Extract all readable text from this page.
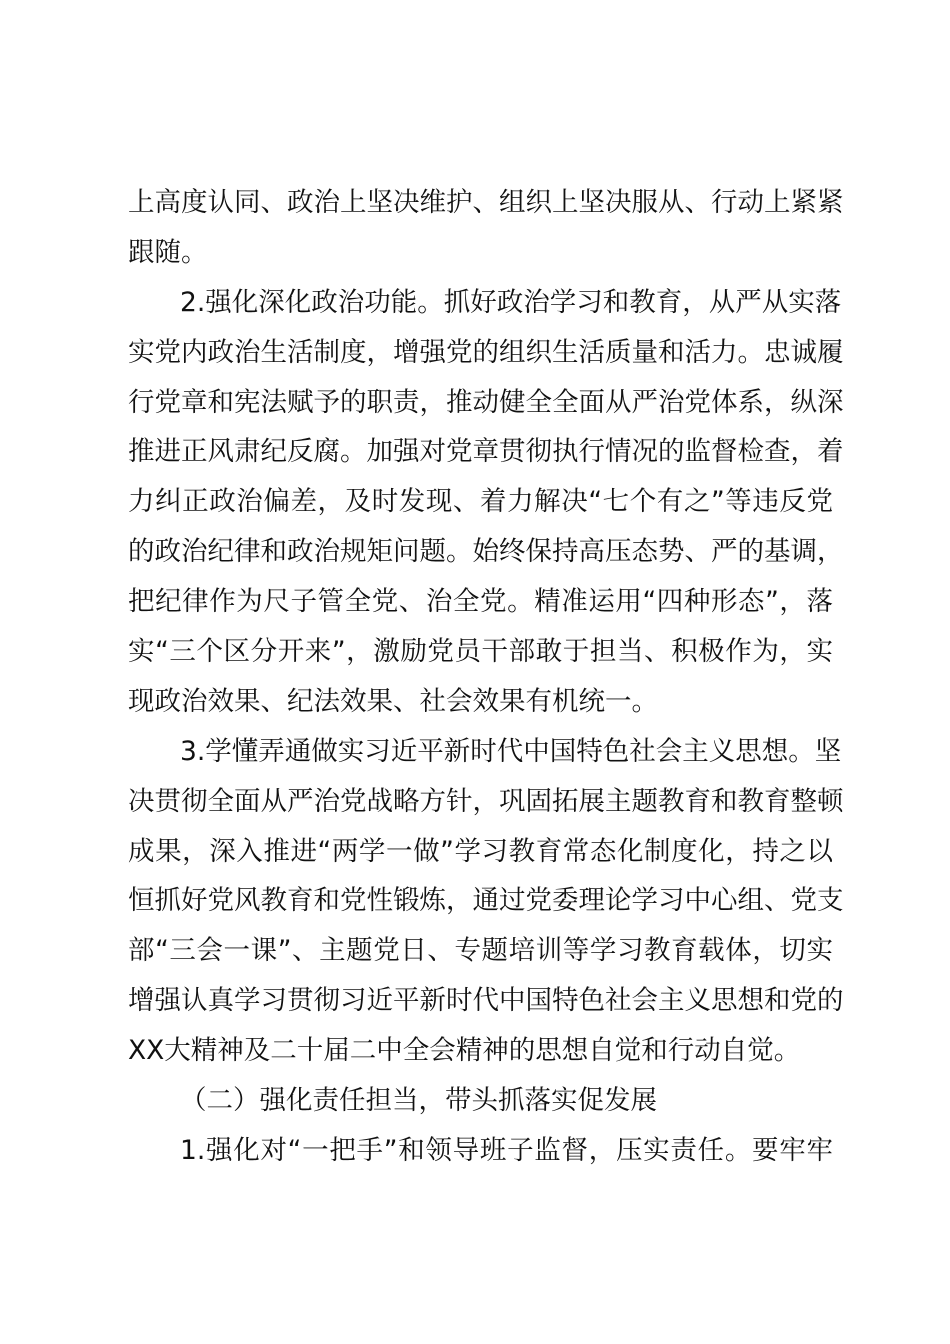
上高度认同、政治上坚决维护、组织上坚决服从、行动上紧紧
跟随。
2.强化深化政治功能。抓好政治学习和教育，从严从实落
实党内政治生活制度，增强党的组织生活质量和活力。忠诚履
行党章和宪法赋予的职责，推动健全全面从严治党体系，纵深
推进正风肃纪反腐。加强对党章贯彻执行情况的监督检查，着
力纠正政治偏差，及时发现、着力解决“七个有之”等违反党
的政治纪律和政治规矩问题。始终保持高压态势、严的基调，
把纪律作为尺子管全党、治全党。精准运用“四种形态”，落
实“三个区分开来”，激励党员干部敢于担当、积极作为，实
现政治效果、纪法效果、社会效果有机统一。
3.学懂弄通做实习近平新时代中国特色社会主义思想。坚
决贯彻全面从严治党战略方针，巩固拓展主题教育和教育整顿
成果，深入推进“两学一做”学习教育常态化制度化，持之以
恒抓好党风教育和党性锻炼，通过党委理论学习中心组、党支
部“三会一课”、主题党日、专题培训等学习教育载体，切实
增强认真学习贯彻习近平新时代中国特色社会主义思想和党的
XX大精神及二十届二中全会精神的思想自觉和行动自觉。
（二）强化责任担当，带头抓落实促发展
1.强化对“一把手”和领导班子监督，压实责任。要牢牢
